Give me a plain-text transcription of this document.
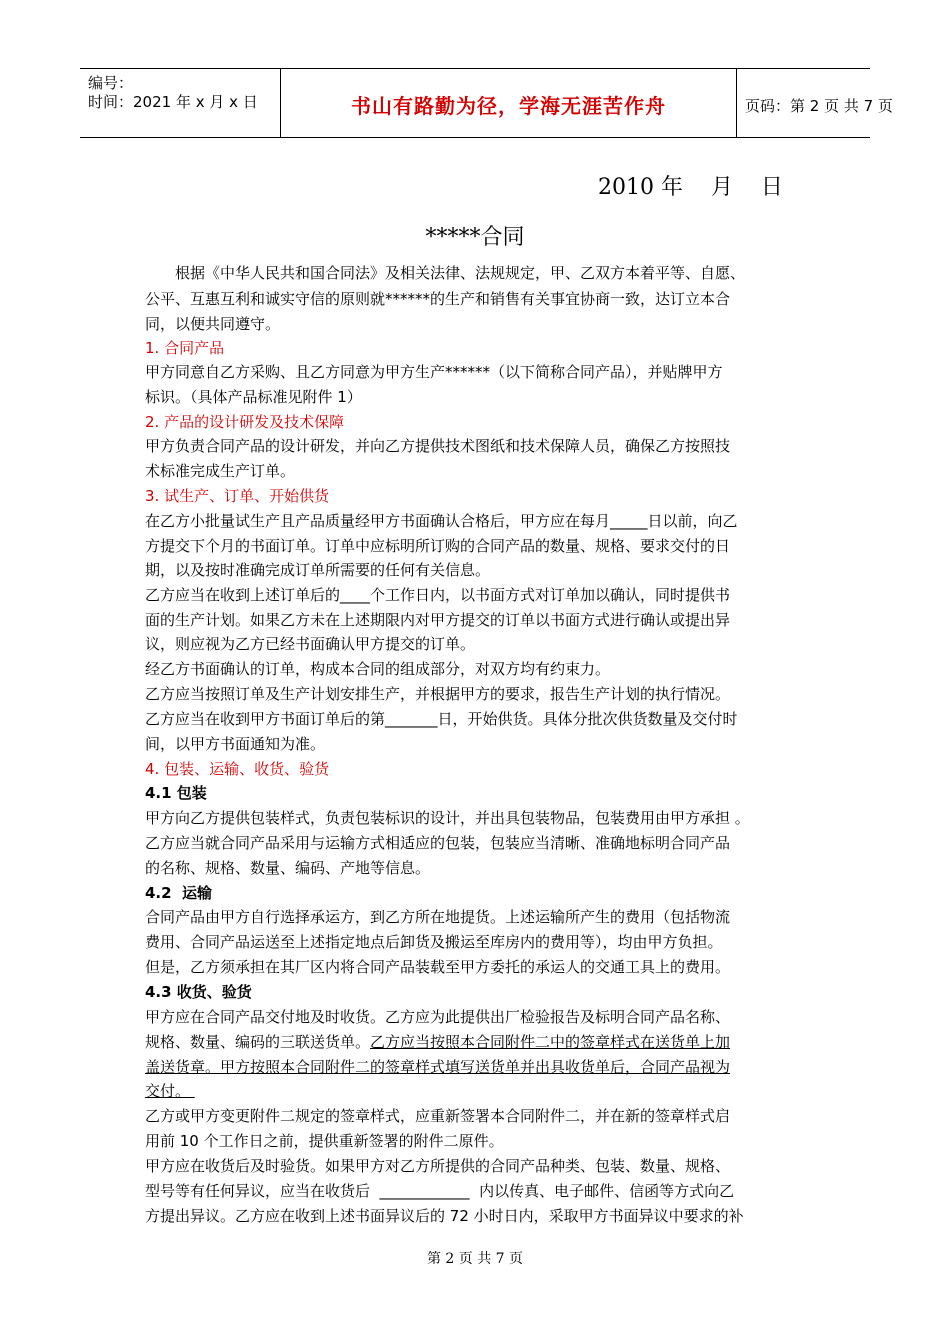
编号：
时间：2021 年 x 月 x 日	书山有路勤为径，学海无涯苦作舟	页码：第 2 页 共 7 页
2010 年    月    日
*****合同
根据《中华人民共和国合同法》及相关法律、法规规定，甲、乙双方本着平等、自愿、
公平、互惠互利和诚实守信的原则就******的生产和销售有关事宜协商一致，达订立本合
同，以便共同遵守。
1. 合同产品
甲方同意自乙方采购、且乙方同意为甲方生产******（以下简称合同产品），并贴牌甲方
标识。（具体产品标准见附件 1）
2. 产品的设计研发及技术保障
甲方负责合同产品的设计研发，并向乙方提供技术图纸和技术保障人员，确保乙方按照技
术标准完成生产订单。
3. 试生产、订单、开始供货
在乙方小批量试生产且产品质量经甲方书面确认合格后，甲方应在每月_____日以前，向乙
方提交下个月的书面订单。订单中应标明所订购的合同产品的数量、规格、要求交付的日
期，以及按时准确完成订单所需要的任何有关信息。
乙方应当在收到上述订单后的____个工作日内，以书面方式对订单加以确认，同时提供书
面的生产计划。如果乙方未在上述期限内对甲方提交的订单以书面方式进行确认或提出异
议，则应视为乙方已经书面确认甲方提交的订单。
经乙方书面确认的订单，构成本合同的组成部分，对双方均有约束力。
乙方应当按照订单及生产计划安排生产，并根据甲方的要求，报告生产计划的执行情况。
乙方应当在收到甲方书面订单后的第_______日，开始供货。具体分批次供货数量及交付时
间，以甲方书面通知为准。
4. 包装、运输、收货、验货
4.1 包装
甲方向乙方提供包装样式，负责包装标识的设计，并出具包装物品，包装费用由甲方承担 。
乙方应当就合同产品采用与运输方式相适应的包装，包装应当清晰、准确地标明合同产品
的名称、规格、数量、编码、产地等信息。
4.2  运输
合同产品由甲方自行选择承运方，到乙方所在地提货。上述运输所产生的费用（包括物流
费用、合同产品运送至上述指定地点后卸货及搬运至库房内的费用等），均由甲方负担。
但是，乙方须承担在其厂区内将合同产品装载至甲方委托的承运人的交通工具上的费用。
4.3 收货、验货
甲方应在合同产品交付地及时收货。乙方应为此提供出厂检验报告及标明合同产品名称、
规格、数量、编码的三联送货单。乙方应当按照本合同附件二中的签章样式在送货单上加
盖送货章。甲方按照本合同附件二的签章样式填写送货单并出具收货单后，合同产品视为
交付。
乙方或甲方变更附件二规定的签章样式，应重新签署本合同附件二，并在新的签章样式启
用前 10 个工作日之前，提供重新签署的附件二原件。
甲方应在收货后及时验货。如果甲方对乙方所提供的合同产品种类、包装、数量、规格、
型号等有任何异议，应当在收货后  ____________  内以传真、电子邮件、信函等方式向乙
方提出异议。乙方应在收到上述书面异议后的 72 小时日内，采取甲方书面异议中要求的补
第 2 页 共 7 页
